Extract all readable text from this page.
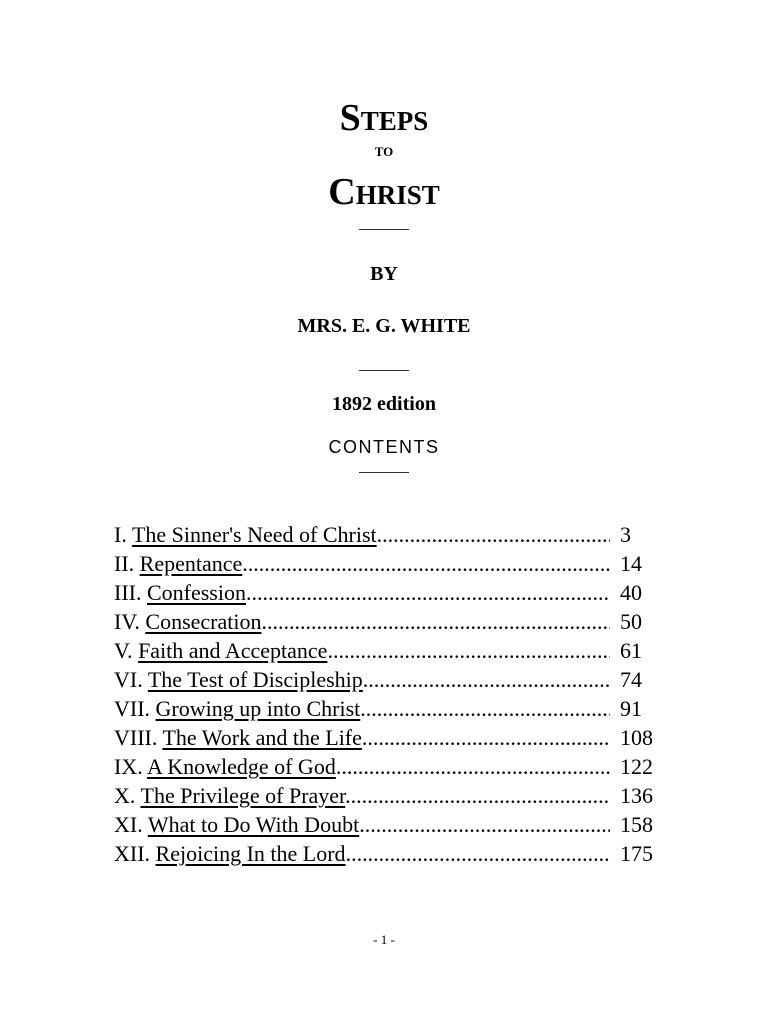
Steps
TO
Christ
BY
MRS. E. G. WHITE
1892 edition
CONTENTS
I. The Sinner's Need of Christ .....	3
II. Repentance .....	14
III. Confession .....	40
IV. Consecration .....	50
V. Faith and Acceptance .....	61
VI. The Test of Discipleship .....	74
VII. Growing up into Christ .....	91
VIII. The Work and the Life .....	108
IX. A Knowledge of God .....	122
X. The Privilege of Prayer .....	136
XI. What to Do With Doubt .....	158
XII. Rejoicing In the Lord .....	175
- 1 -
